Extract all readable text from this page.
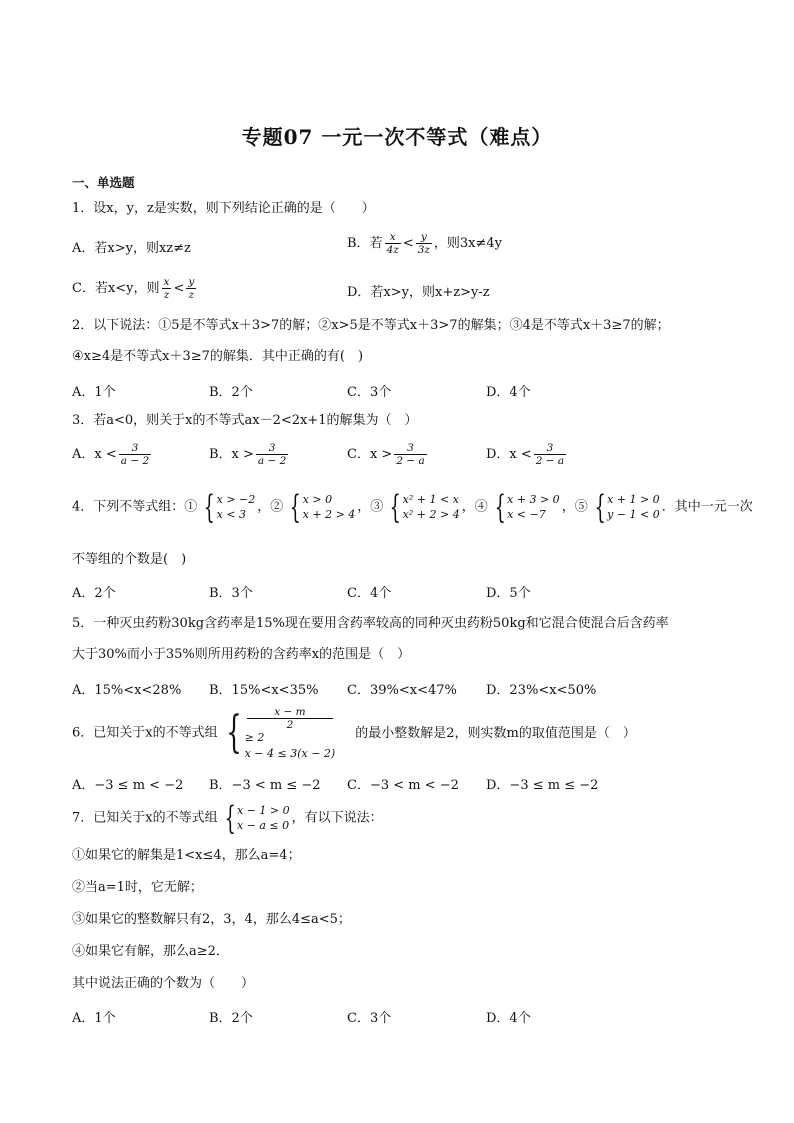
专题07 一元一次不等式（难点）
一、单选题
1．设x，y，z是实数，则下列结论正确的是（　　）
A．若x>y，则xz≠z	B．若 $\frac{x}{4z} < \frac{y}{3z}$ ，则3x≠4y
C．若x<y，则 $\frac{x}{z} < \frac{y}{z}$	D．若x>y，则x+z>y-z
2．以下说法：①5是不等式x＋3>7的解；②x>5是不等式x＋3>7的解集；③4是不等式x＋3≥7的解；
④x≥4是不等式x＋3≥7的解集．其中正确的有(　)
A．1个	B．2个	C．3个	D．4个
3．若a<0，则关于x的不等式ax－2<2x+1的解集为（　）
A．$x < \frac{3}{a - 2}$	B．$x > \frac{3}{a - 2}$	C．$x > \frac{3}{2 - a}$	D．$x < \frac{3}{2 - a}$
4．下列不等式组：① { x > −2
x < 3 ，② { x > 0
x + 2 > 4 ，③ { x² + 1 < x
x² + 2 > 4 ，④ { x + 3 > 0
x < −7	，⑤ { x + 1 > 0
y − 1 < 0 ．其中一元一次
不等组的个数是(　)
A．2个	B．3个	C．4个	D．5个
5．一种灭虫药粉30kg含药率是15%现在要用含药率较高的同种灭虫药粉50kg和它混合使混合后含药率
大于30%而小于35%则所用药粉的含药率x的范围是（　）
A．15%<x<28% B．15%<x<35% C．39%<x<47% D．23%<x<50%
6．已知关于x的不等式组 {	x − m
2
≥ 2
x − 4 ≤ 3(x − 2)
的最小整数解是2，则实数m的取值范围是（　）
A．−3 ≤ m < −2 B．−3 < m ≤ −2 C．−3 < m < −2 D．−3 ≤ m ≤ −2
7．已知关于x的不等式组 { x − 1 > 0
x − a ≤ 0 ，有以下说法：
①如果它的解集是1<x≤4，那么a=4；
②当a=1时，它无解；
③如果它的整数解只有2，3，4，那么4≤a<5；
④如果它有解，那么a≥2．
其中说法正确的个数为（　　）
A．1个	B．2个	C．3个	D．4个
